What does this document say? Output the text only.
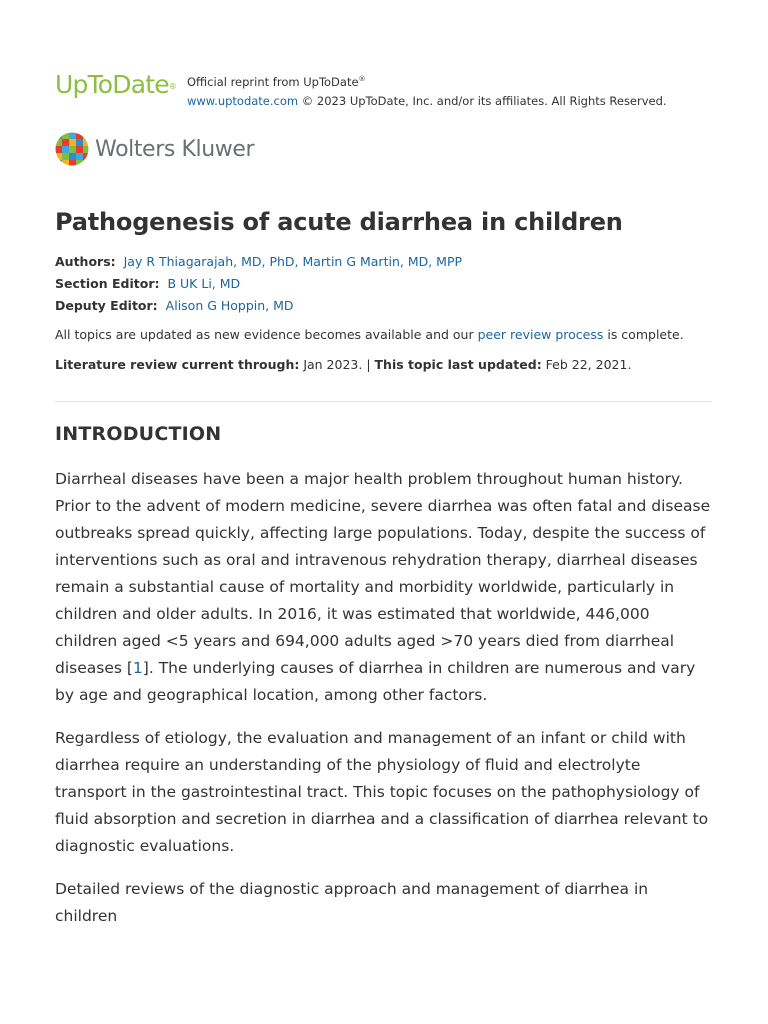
UpToDate® Official reprint from UpToDate®
www.uptodate.com © 2023 UpToDate, Inc. and/or its affiliates. All Rights Reserved.
Wolters Kluwer
Pathogenesis of acute diarrhea in children
Authors: Jay R Thiagarajah, MD, PhD, Martin G Martin, MD, MPP
Section Editor: B UK Li, MD
Deputy Editor: Alison G Hoppin, MD
All topics are updated as new evidence becomes available and our peer review process is complete.
Literature review current through: Jan 2023. | This topic last updated: Feb 22, 2021.
INTRODUCTION

Diarrheal diseases have been a major health problem throughout human history. Prior to the advent of modern medicine, severe diarrhea was often fatal and disease outbreaks spread quickly, affecting large populations. Today, despite the success of interventions such as oral and intravenous rehydration therapy, diarrheal diseases remain a substantial cause of mortality and morbidity worldwide, particularly in children and older adults. In 2016, it was estimated that worldwide, 446,000 children aged <5 years and 694,000 adults aged >70 years died from diarrheal diseases [1]. The underlying causes of diarrhea in children are numerous and vary by age and geographical location, among other factors.

Regardless of etiology, the evaluation and management of an infant or child with diarrhea require an understanding of the physiology of fluid and electrolyte transport in the gastrointestinal tract. This topic focuses on the pathophysiology of fluid absorption and secretion in diarrhea and a classification of diarrhea relevant to diagnostic evaluations.

Detailed reviews of the diagnostic approach and management of diarrhea in children
